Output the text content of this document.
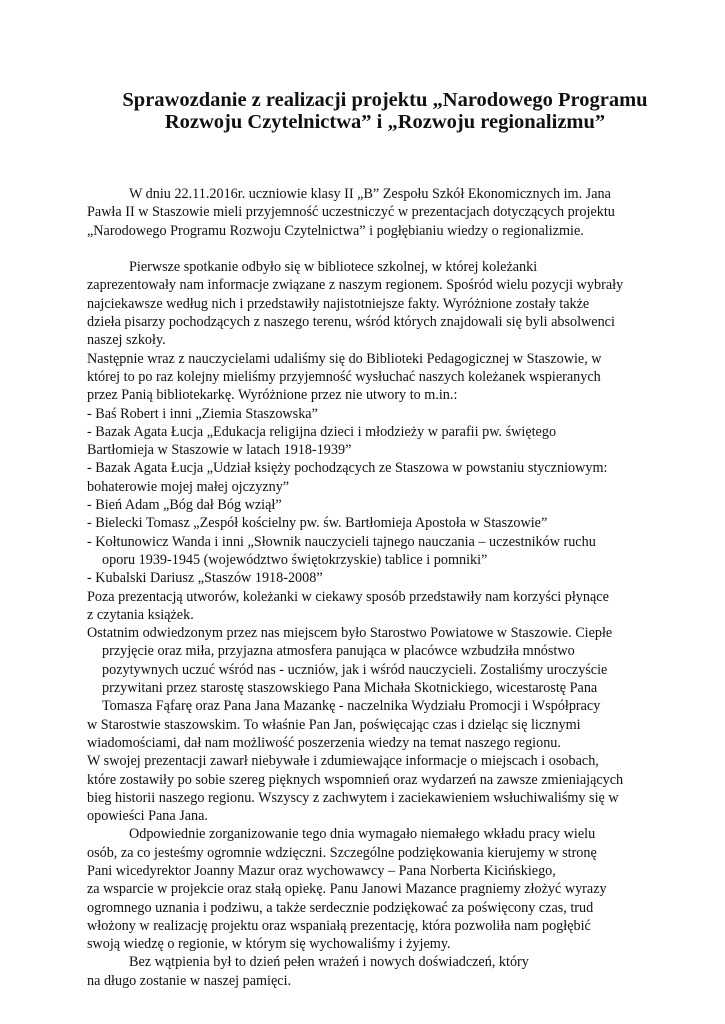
Sprawozdanie z realizacji projektu „Narodowego Programu
Rozwoju Czytelnictwa” i „Rozwoju regionalizmu”
W dniu 22.11.2016r. uczniowie klasy II „B” Zespołu Szkół Ekonomicznych im. Jana
Pawła II w Staszowie mieli przyjemność uczestniczyć w prezentacjach dotyczących projektu
„Narodowego Programu Rozwoju Czytelnictwa” i pogłębianiu wiedzy o regionalizmie.
Pierwsze spotkanie odbyło się w bibliotece szkolnej, w której koleżanki
zaprezentowały nam informacje związane z naszym regionem. Spośród wielu pozycji wybrały
najciekawsze według nich i przedstawiły najistotniejsze fakty. Wyróżnione zostały także
dzieła pisarzy pochodzących z naszego terenu, wśród których znajdowali się byli absolwenci
naszej szkoły.
Następnie wraz z nauczycielami udaliśmy się do Biblioteki Pedagogicznej w Staszowie, w
której to po raz kolejny mieliśmy przyjemność wysłuchać naszych koleżanek wspieranych
przez Panią bibliotekarkę. Wyróżnione przez nie utwory to m.in.:
- Baś Robert i inni „Ziemia Staszowska”
- Bazak Agata Łucja „Edukacja religijna dzieci i młodzieży w parafii pw. świętego
Bartłomieja w Staszowie w latach 1918-1939”
- Bazak Agata Łucja „Udział księży pochodzących ze Staszowa w powstaniu styczniowym:
bohaterowie mojej małej ojczyzny”
- Bień Adam „Bóg dał Bóg wziął”
- Bielecki Tomasz „Zespół kościelny pw. św. Bartłomieja Apostoła w Staszowie”
- Kołtunowicz Wanda i inni „Słownik nauczycieli tajnego nauczania – uczestników ruchu
oporu 1939-1945 (województwo świętokrzyskie) tablice i pomniki”
- Kubalski Dariusz „Staszów 1918-2008”
Poza prezentacją utworów, koleżanki w ciekawy sposób przedstawiły nam korzyści płynące
z czytania książek.
Ostatnim odwiedzonym przez nas miejscem było Starostwo Powiatowe w Staszowie. Ciepłe
przyjęcie oraz miła, przyjazna atmosfera panująca w placówce wzbudziła mnóstwo
pozytywnych uczuć wśród nas - uczniów, jak i wśród nauczycieli. Zostaliśmy uroczyście
przywitani przez starostę staszowskiego Pana Michała Skotnickiego, wicestarostę Pana
Tomasza Fąfarę oraz Pana Jana Mazankę - naczelnika Wydziału Promocji i Współpracy
w Starostwie staszowskim. To właśnie Pan Jan, poświęcając czas i dzieląc się licznymi
wiadomościami, dał nam możliwość poszerzenia wiedzy na temat naszego regionu.
W swojej prezentacji zawarł niebywałe i zdumiewające informacje o miejscach i osobach,
które zostawiły po sobie szereg pięknych wspomnień oraz wydarzeń na zawsze zmieniających
bieg historii naszego regionu. Wszyscy z zachwytem i zaciekawieniem wsłuchiwaliśmy się w
opowieści Pana Jana.
Odpowiednie zorganizowanie tego dnia wymagało niemałego wkładu pracy wielu
osób, za co jesteśmy ogromnie wdzięczni. Szczególne podziękowania kierujemy w stronę
Pani wicedyrektor Joanny Mazur oraz wychowawcy – Pana Norberta Kicińskiego,
za wsparcie w projekcie oraz stałą opiekę. Panu Janowi Mazance pragniemy złożyć wyrazy
ogromnego uznania i podziwu, a także serdecznie podziękować za poświęcony czas, trud
włożony w realizację projektu oraz wspaniałą prezentację, która pozwoliła nam pogłębić
swoją wiedzę o regionie, w którym się wychowaliśmy i żyjemy.
Bez wątpienia był to dzień pełen wrażeń i nowych doświadczeń, który
na długo zostanie w naszej pamięci.
